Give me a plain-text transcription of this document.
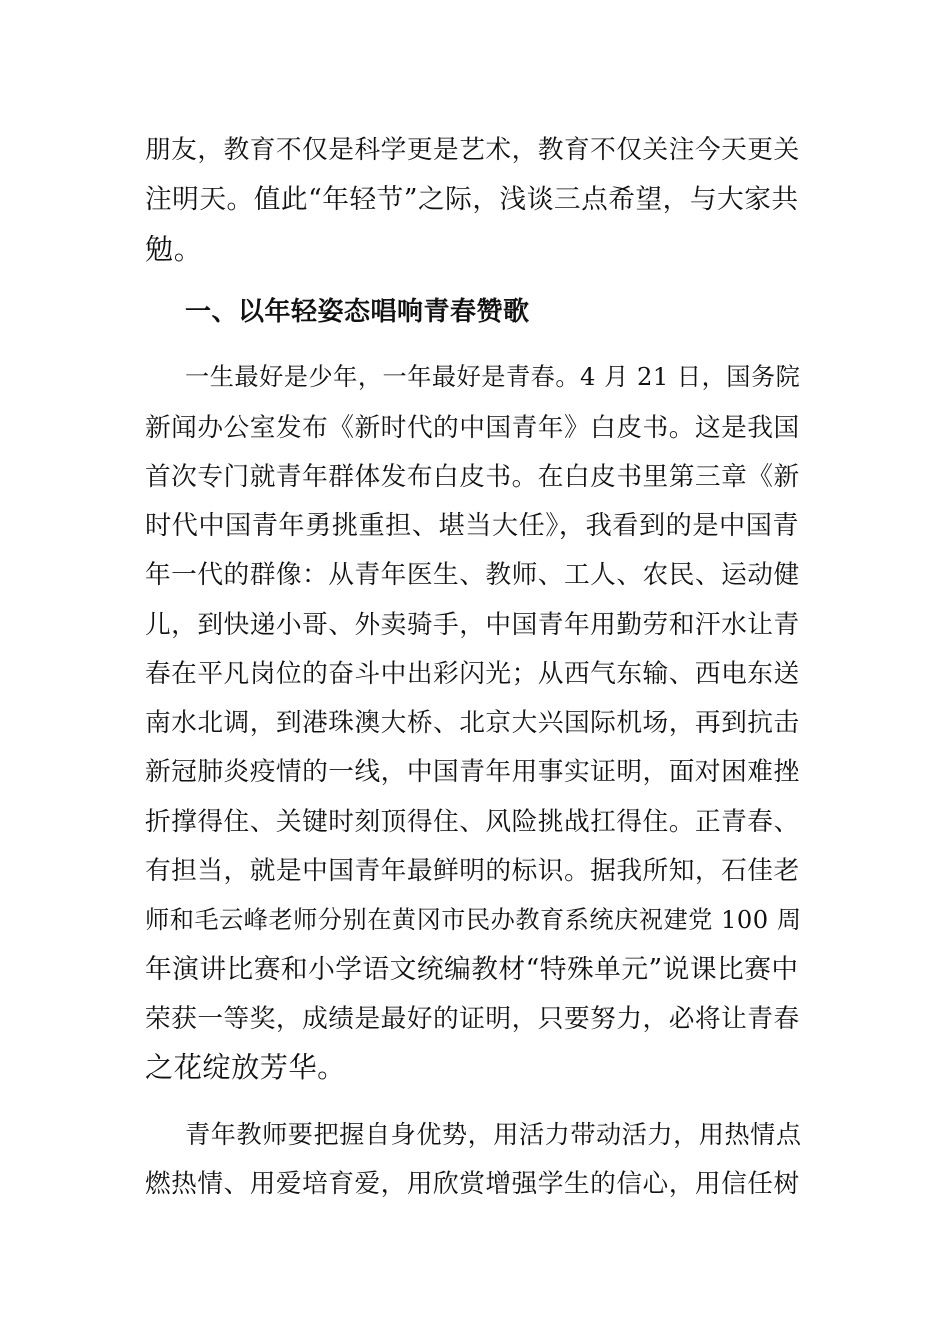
朋友，教育不仅是科学更是艺术，教育不仅关注今天更关
注明天。值此“年轻节”之际，浅谈三点希望，与大家共
勉。
一、以年轻姿态唱响青春赞歌
一生最好是少年，一年最好是青春。4 月 21 日，国务院
新闻办公室发布《新时代的中国青年》白皮书。这是我国
首次专门就青年群体发布白皮书。在白皮书里第三章《新
时代中国青年勇挑重担、堪当大任》，我看到的是中国青
年一代的群像：从青年医生、教师、工人、农民、运动健
儿，到快递小哥、外卖骑手，中国青年用勤劳和汗水让青
春在平凡岗位的奋斗中出彩闪光；从西气东输、西电东送
南水北调，到港珠澳大桥、北京大兴国际机场，再到抗击
新冠肺炎疫情的一线，中国青年用事实证明，面对困难挫
折撑得住、关键时刻顶得住、风险挑战扛得住。正青春、
有担当，就是中国青年最鲜明的标识。据我所知，石佳老
师和毛云峰老师分别在黄冈市民办教育系统庆祝建党 100 周
年演讲比赛和小学语文统编教材“特殊单元”说课比赛中
荣获一等奖，成绩是最好的证明，只要努力，必将让青春
之花绽放芳华。
青年教师要把握自身优势，用活力带动活力，用热情点
燃热情、用爱培育爱，用欣赏增强学生的信心，用信任树
